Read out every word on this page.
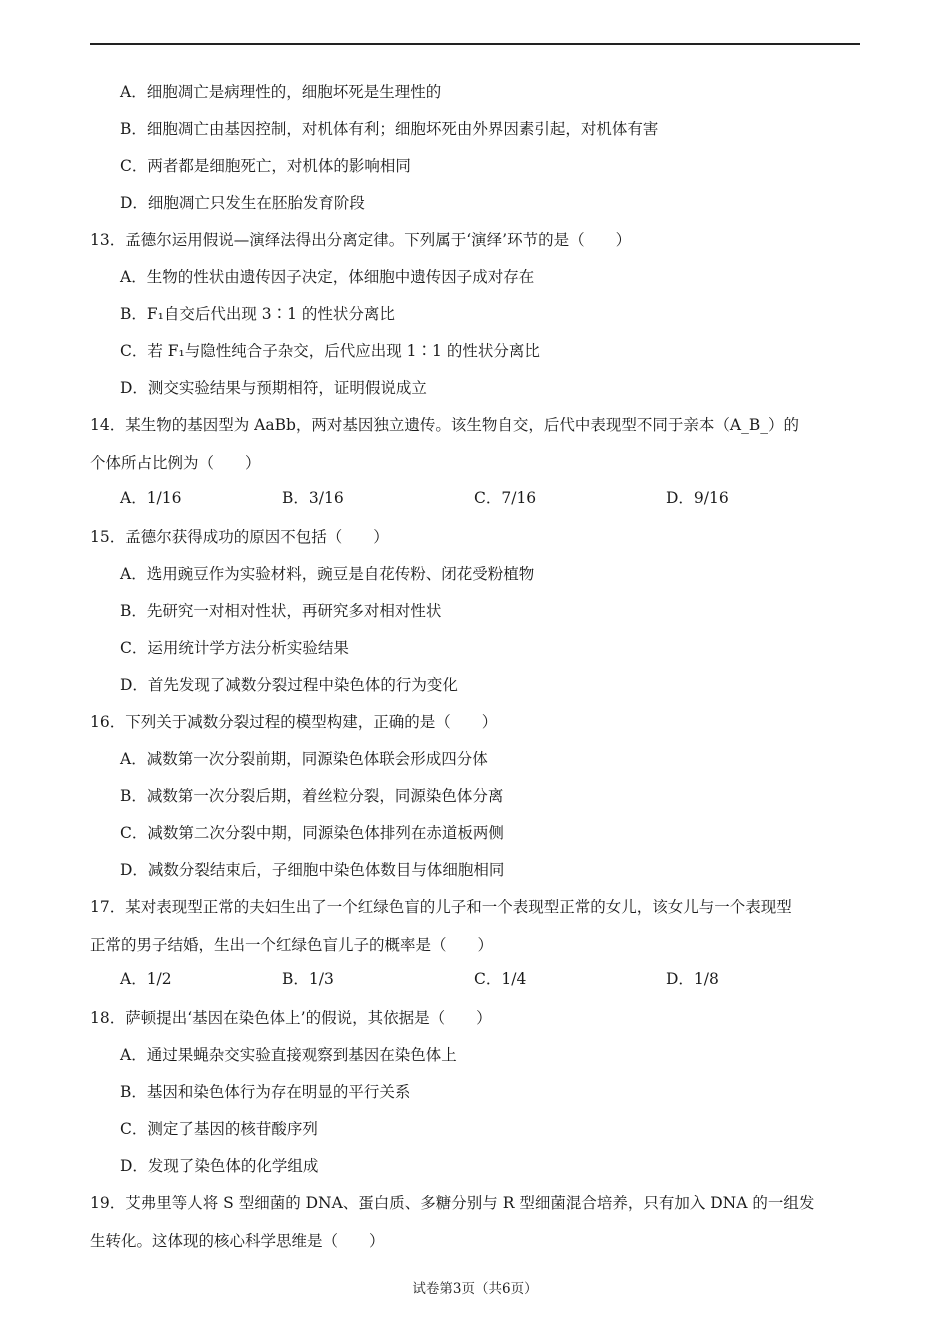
A．细胞凋亡是病理性的，细胞坏死是生理性的
B．细胞凋亡由基因控制，对机体有利；细胞坏死由外界因素引起，对机体有害
C．两者都是细胞死亡，对机体的影响相同
D．细胞凋亡只发生在胚胎发育阶段
13．孟德尔运用假说—演绎法得出分离定律。下列属于‘演绎’环节的是（　　）
A．生物的性状由遗传因子决定，体细胞中遗传因子成对存在
B．F₁自交后代出现 3∶1 的性状分离比
C．若 F₁与隐性纯合子杂交，后代应出现 1∶1 的性状分离比
D．测交实验结果与预期相符，证明假说成立
14．某生物的基因型为 AaBb，两对基因独立遗传。该生物自交，后代中表现型不同于亲本（A_B_）的
个体所占比例为（　　）
A．1/16	B．3/16	C．7/16	D．9/16
15．孟德尔获得成功的原因不包括（　　）
A．选用豌豆作为实验材料，豌豆是自花传粉、闭花受粉植物
B．先研究一对相对性状，再研究多对相对性状
C．运用统计学方法分析实验结果
D．首先发现了减数分裂过程中染色体的行为变化
16．下列关于减数分裂过程的模型构建，正确的是（　　）
A．减数第一次分裂前期，同源染色体联会形成四分体
B．减数第一次分裂后期，着丝粒分裂，同源染色体分离
C．减数第二次分裂中期，同源染色体排列在赤道板两侧
D．减数分裂结束后，子细胞中染色体数目与体细胞相同
17．某对表现型正常的夫妇生出了一个红绿色盲的儿子和一个表现型正常的女儿，该女儿与一个表现型
正常的男子结婚，生出一个红绿色盲儿子的概率是（　　）
A．1/2	B．1/3	C．1/4	D．1/8
18．萨顿提出‘基因在染色体上’的假说，其依据是（　　）
A．通过果蝇杂交实验直接观察到基因在染色体上
B．基因和染色体行为存在明显的平行关系
C．测定了基因的核苷酸序列
D．发现了染色体的化学组成
19．艾弗里等人将 S 型细菌的 DNA、蛋白质、多糖分别与 R 型细菌混合培养，只有加入 DNA 的一组发
生转化。这体现的核心科学思维是（　　）
试卷第3页（共6页）
